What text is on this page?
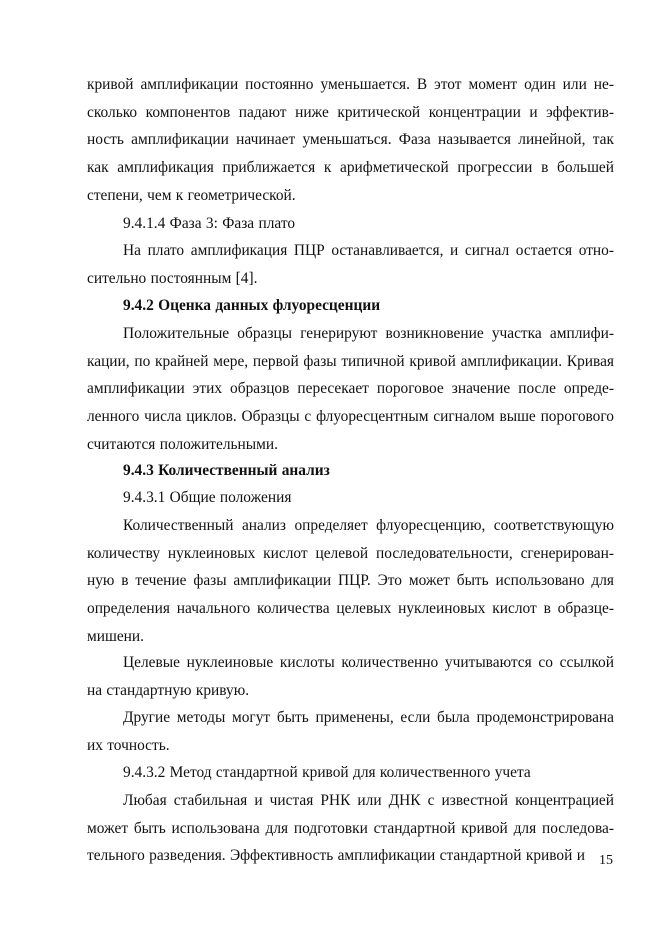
кривой амплификации постоянно уменьшается. В этот момент один или несколько компонентов падают ниже критической концентрации и эффективность амплификации начинает уменьшаться. Фаза называется линейной, так как амплификация приближается к арифметической прогрессии в большей степени, чем к геометрической.

9.4.1.4 Фаза 3: Фаза плато

На плато амплификация ПЦР останавливается, и сигнал остается относительно постоянным [4].

9.4.2 Оценка данных флуоресценции

Положительные образцы генерируют возникновение участка амплификации, по крайней мере, первой фазы типичной кривой амплификации. Кривая амплификации этих образцов пересекает пороговое значение после определенного числа циклов. Образцы с флуоресцентным сигналом выше порогового считаются положительными.

9.4.3 Количественный анализ

9.4.3.1 Общие положения

Количественный анализ определяет флуоресценцию, соответствующую количеству нуклеиновых кислот целевой последовательности, сгенерированную в течение фазы амплификации ПЦР. Это может быть использовано для определения начального количества целевых нуклеиновых кислот в образце-мишени.

Целевые нуклеиновые кислоты количественно учитываются со ссылкой на стандартную кривую.

Другие методы могут быть применены, если была продемонстрирована их точность.

9.4.3.2 Метод стандартной кривой для количественного учета

Любая стабильная и чистая РНК или ДНК с известной концентрацией может быть использована для подготовки стандартной кривой для последовательного разведения. Эффективность амплификации стандартной кривой и	15
